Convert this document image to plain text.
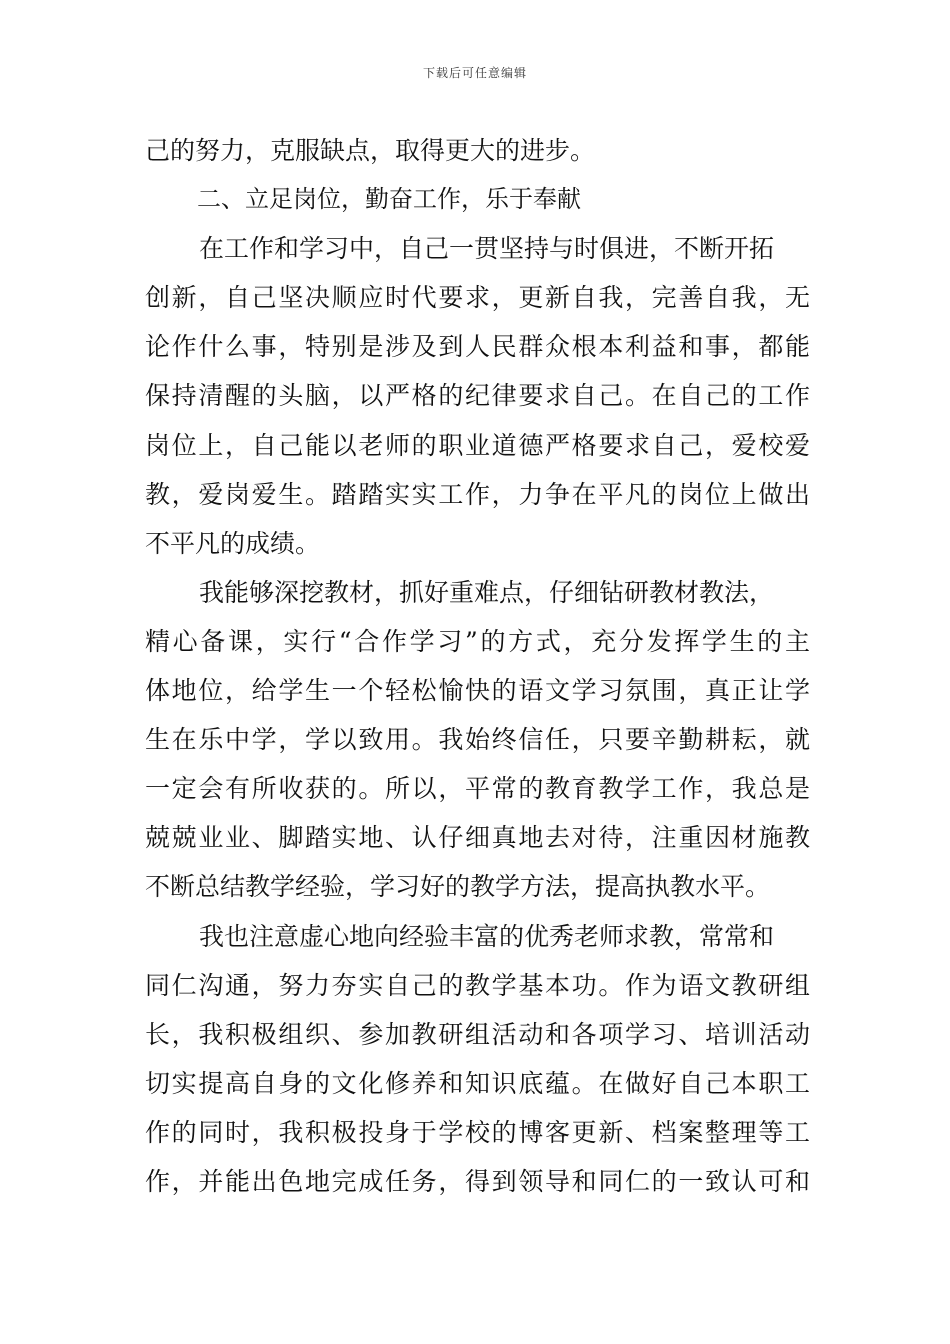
下载后可任意编辑
己的努力，克服缺点，取得更大的进步。
二、立足岗位，勤奋工作，乐于奉献
在工作和学习中，自己一贯坚持与时俱进，不断开拓
创新，自己坚决顺应时代要求，更新自我，完善自我，无
论作什么事，特别是涉及到人民群众根本利益和事，都能
保持清醒的头脑，以严格的纪律要求自己。在自己的工作
岗位上，自己能以老师的职业道德严格要求自己，爱校爱
教，爱岗爱生。踏踏实实工作，力争在平凡的岗位上做出
不平凡的成绩。
我能够深挖教材，抓好重难点，仔细钻研教材教法，
精心备课，实行“合作学习”的方式，充分发挥学生的主
体地位，给学生一个轻松愉快的语文学习氛围，真正让学
生在乐中学，学以致用。我始终信任，只要辛勤耕耘，就
一定会有所收获的。所以，平常的教育教学工作，我总是
兢兢业业、脚踏实地、认仔细真地去对待，注重因材施教
不断总结教学经验，学习好的教学方法，提高执教水平。
我也注意虚心地向经验丰富的优秀老师求教，常常和
同仁沟通，努力夯实自己的教学基本功。作为语文教研组
长，我积极组织、参加教研组活动和各项学习、培训活动
切实提高自身的文化修养和知识底蕴。在做好自己本职工
作的同时，我积极投身于学校的博客更新、档案整理等工
作，并能出色地完成任务，得到领导和同仁的一致认可和
